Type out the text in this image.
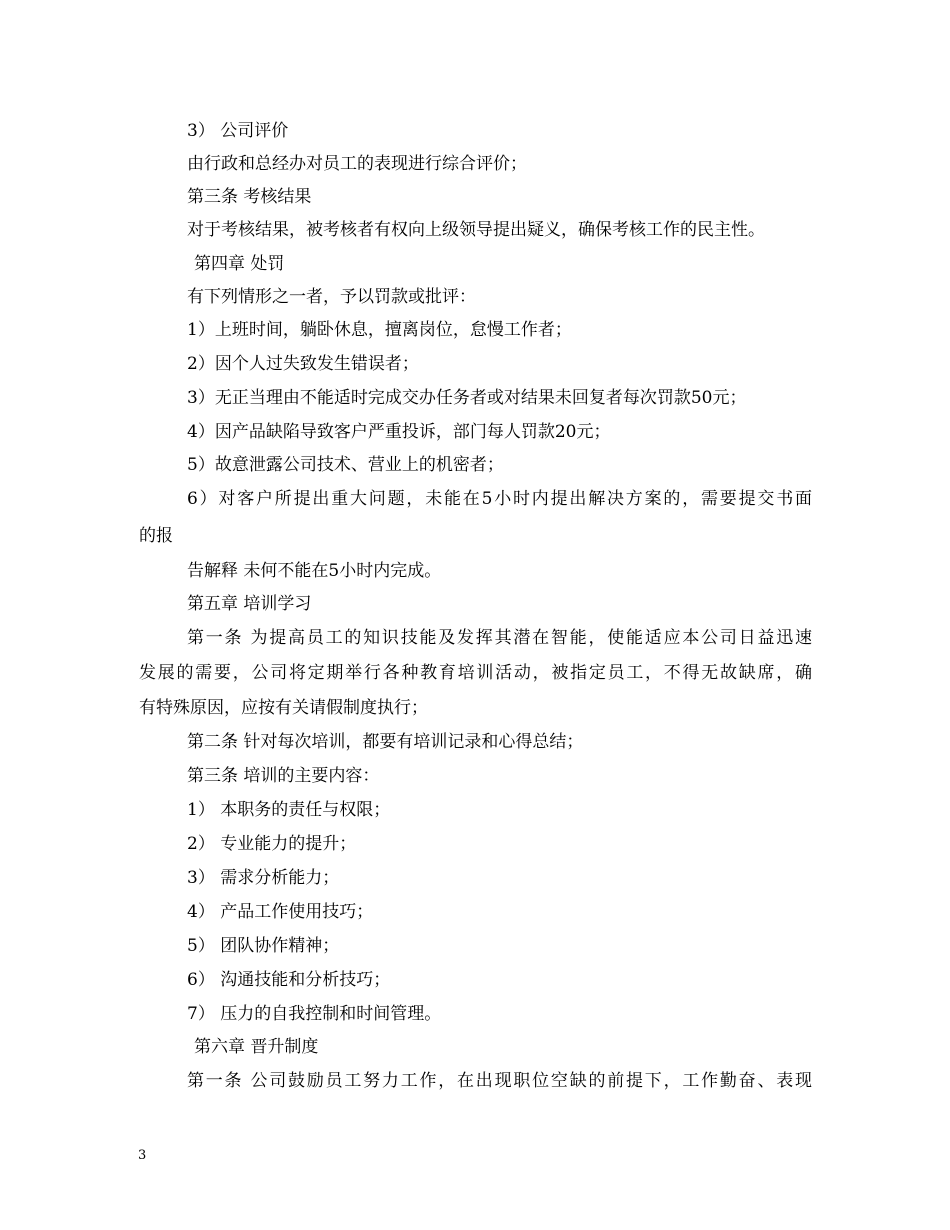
3） 公司评价
由行政和总经办对员工的表现进行综合评价；
第三条 考核结果
对于考核结果，被考核者有权向上级领导提出疑义，确保考核工作的民主性。
第四章 处罚
有下列情形之一者，予以罚款或批评：
1）上班时间，躺卧休息，擅离岗位，怠慢工作者；
2）因个人过失致发生错误者；
3）无正当理由不能适时完成交办任务者或对结果未回复者每次罚款50元；
4）因产品缺陷导致客户严重投诉，部门每人罚款20元；
5）故意泄露公司技术、营业上的机密者；
6）对客户所提出重大问题，未能在5小时内提出解决方案的，需要提交书面
的报
告解释 未何不能在5小时内完成。
第五章 培训学习
第一条 为提高员工的知识技能及发挥其潜在智能，使能适应本公司日益迅速
发展的需要，公司将定期举行各种教育培训活动，被指定员工，不得无故缺席，确
有特殊原因，应按有关请假制度执行；
第二条 针对每次培训，都要有培训记录和心得总结；
第三条 培训的主要内容：
1） 本职务的责任与权限；
2） 专业能力的提升；
3） 需求分析能力；
4） 产品工作使用技巧；
5） 团队协作精神；
6） 沟通技能和分析技巧；
7） 压力的自我控制和时间管理。
第六章 晋升制度
第一条 公司鼓励员工努力工作，在出现职位空缺的前提下，工作勤奋、表现
3
